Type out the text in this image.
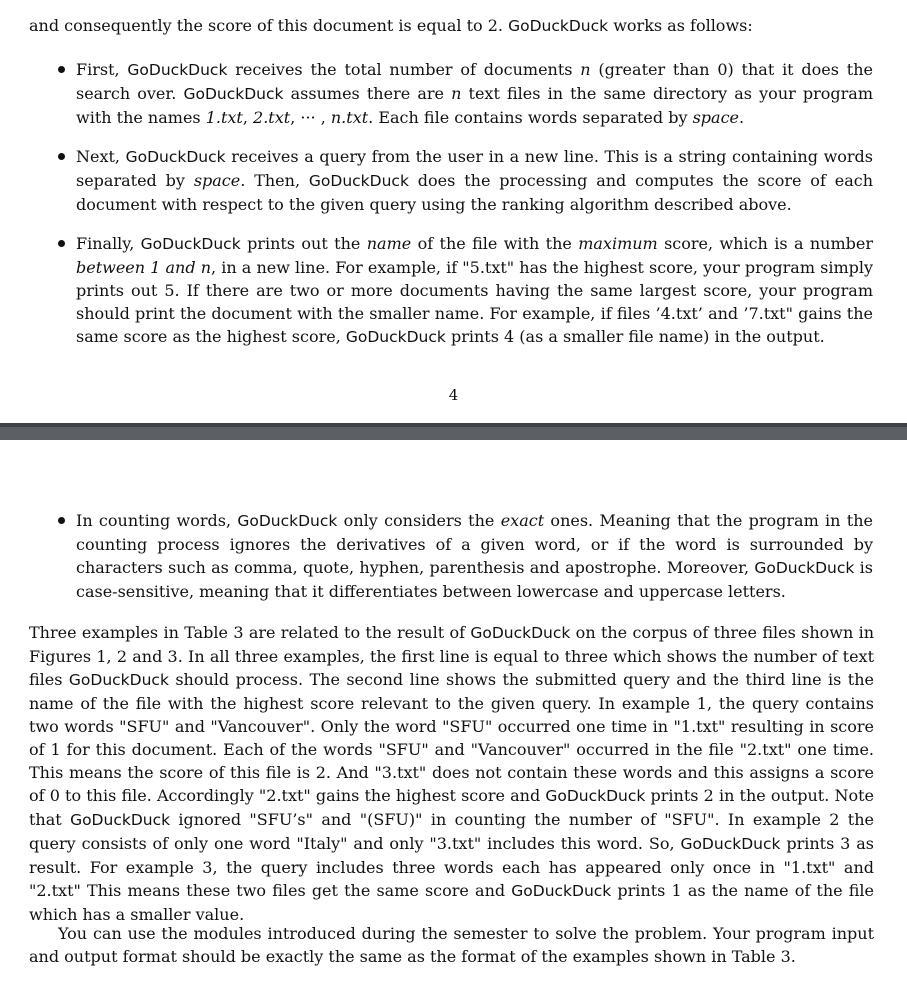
and consequently the score of this document is equal to 2. GoDuckDuck works as follows:

First, GoDuckDuck receives the total number of documents n (greater than 0) that it does the search over. GoDuckDuck assumes there are n text files in the same directory as your program with the names 1.txt, 2.txt, ··· , n.txt. Each file contains words separated by space.
Next, GoDuckDuck receives a query from the user in a new line. This is a string containing words separated by space. Then, GoDuckDuck does the processing and computes the score of each document with respect to the given query using the ranking algorithm described above.
Finally, GoDuckDuck prints out the name of the file with the maximum score, which is a number between 1 and n, in a new line. For example, if "5.txt" has the highest score, your program simply prints out 5. If there are two or more documents having the same largest score, your program should print the document with the smaller name. For example, if files ’4.txt’ and ’7.txt" gains the same score as the highest score, GoDuckDuck prints 4 (as a smaller file name) in the output.
4
In counting words, GoDuckDuck only considers the exact ones. Meaning that the program in the counting process ignores the derivatives of a given word, or if the word is surrounded by characters such as comma, quote, hyphen, parenthesis and apostrophe. Moreover, GoDuckDuck is case-sensitive, meaning that it differentiates between lowercase and uppercase letters.

Three examples in Table 3 are related to the result of GoDuckDuck on the corpus of three files shown in Figures 1, 2 and 3. In all three examples, the first line is equal to three which shows the number of text files GoDuckDuck should process. The second line shows the submitted query and the third line is the name of the file with the highest score relevant to the given query. In example 1, the query contains two words "SFU" and "Vancouver". Only the word "SFU" occurred one time in "1.txt" resulting in score of 1 for this document. Each of the words "SFU" and "Vancouver" occurred in the file "2.txt" one time. This means the score of this file is 2. And "3.txt" does not contain these words and this assigns a score of 0 to this file. Accordingly "2.txt" gains the highest score and GoDuckDuck prints 2 in the output. Note that GoDuckDuck ignored "SFU’s" and "(SFU)" in counting the number of "SFU". In example 2 the query consists of only one word "Italy" and only "3.txt" includes this word. So, GoDuckDuck prints 3 as result. For example 3, the query includes three words each has appeared only once in "1.txt" and "2.txt" This means these two files get the same score and GoDuckDuck prints 1 as the name of the file which has a smaller value.

You can use the modules introduced during the semester to solve the problem. Your program input and output format should be exactly the same as the format of the examples shown in Table 3.
